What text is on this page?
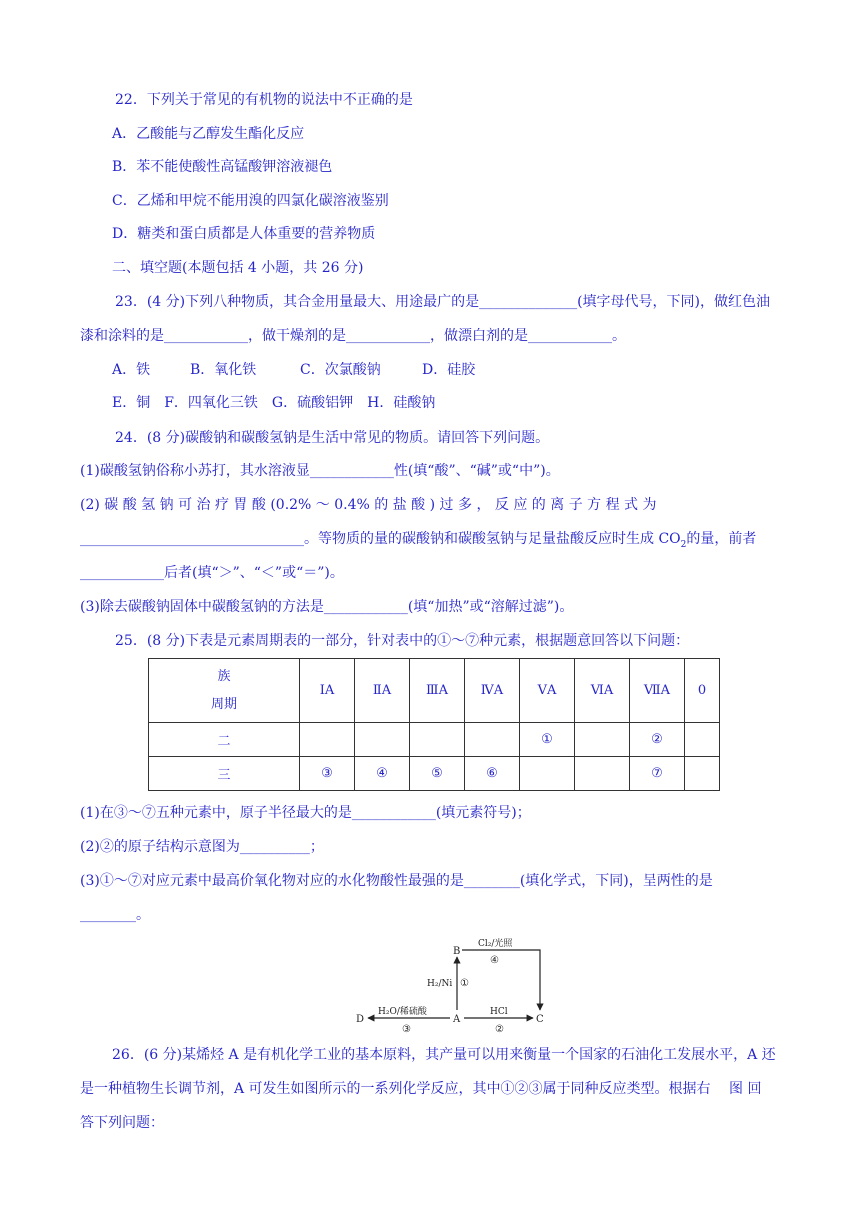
22．下列关于常见的有机物的说法中不正确的是
A．乙酸能与乙醇发生酯化反应
B．苯不能使酸性高锰酸钾溶液褪色
C．乙烯和甲烷不能用溴的四氯化碳溶液鉴别
D．糖类和蛋白质都是人体重要的营养物质
二、填空题(本题包括 4 小题，共 26 分)
23．(4 分)下列八种物质，其合金用量最大、用途最广的是______________(填字母代号，下同)，做红色油
漆和涂料的是____________，做干燥剂的是____________，做漂白剂的是____________。
A．铁	B．氧化铁	C．次氯酸钠	D．硅胶
E．铜　F．四氧化三铁　G．硫酸铝钾　H．硅酸钠
24．(8 分)碳酸钠和碳酸氢钠是生活中常见的物质。请回答下列问题。
(1)碳酸氢钠俗称小苏打，其水溶液显____________性(填“酸”、“碱”或“中”)。
(2) 碳 酸 氢 钠 可 治 疗 胃 酸 (0.2% ～ 0.4% 的 盐 酸 ) 过 多 ， 反 应 的 离 子 方 程 式 为
________________________________。等物质的量的碳酸钠和碳酸氢钠与足量盐酸反应时生成 $CO_2$的量，前者
____________后者(填“＞”、“＜”或“＝”)。
(3)除去碳酸钠固体中碳酸氢钠的方法是____________(填“加热”或“溶解过滤”)。
25．(8 分)下表是元素周期表的一部分，针对表中的①～⑦种元素，根据题意回答以下问题：
族
周期	ⅠA	ⅡA	ⅢA	ⅣA	ⅤA	ⅥA	ⅦA	0
二					①		②	
三	③	④	⑤	⑥			⑦	
(1)在③～⑦五种元素中，原子半径最大的是____________(填元素符号)；
(2)②的原子结构示意图为__________；
(3)①～⑦对应元素中最高价氧化物对应的水化物酸性最强的是________(填化学式，下同)，呈两性的是
________。
B
A	C
D
Cl₂/光照
④
H₂/Ni ①
H₂O/稀硫酸
③
HCl
②
26．(6 分)某烯烃 A 是有机化学工业的基本原料，其产量可以用来衡量一个国家的石油化工发展水平，A 还
是一种植物生长调节剂，A 可发生如图所示的一系列化学反应，其中①②③属于同种反应类型。根据右　 图 回
答下列问题：
